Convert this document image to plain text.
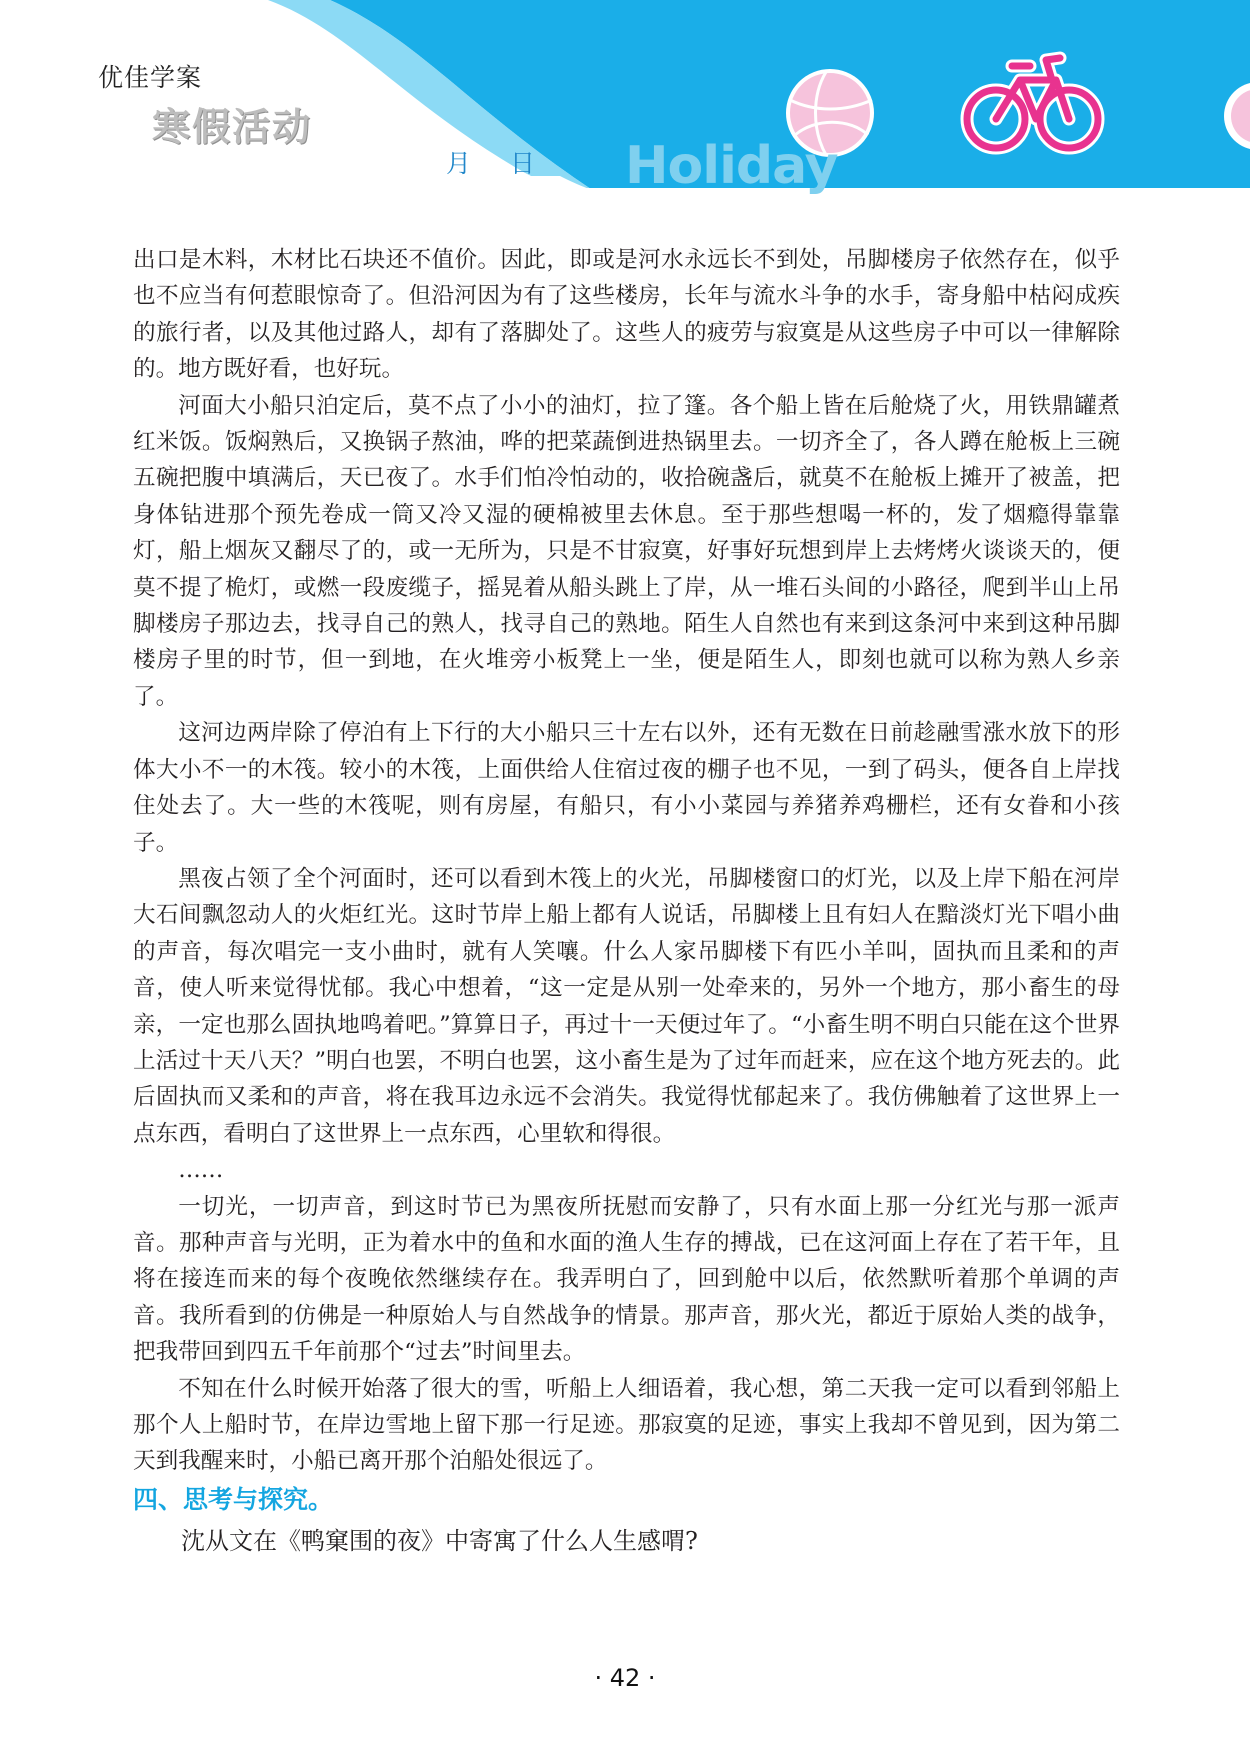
优佳学案
寒假活动
月 日 Holiday

出口是木料，木材比石块还不值价。因此，即或是河水永远长不到处，吊脚楼房子依然存在，似乎也不应当有何惹眼惊奇了。但沿河因为有了这些楼房，长年与流水斗争的水手，寄身船中枯闷成疾的旅行者，以及其他过路人，却有了落脚处了。这些人的疲劳与寂寞是从这些房子中可以一律解除的。地方既好看，也好玩。

河面大小船只泊定后，莫不点了小小的油灯，拉了篷。各个船上皆在后舱烧了火，用铁鼎罐煮红米饭。饭焖熟后，又换锅子熬油，哗的把菜蔬倒进热锅里去。一切齐全了，各人蹲在舱板上三碗五碗把腹中填满后，天已夜了。水手们怕冷怕动的，收拾碗盏后，就莫不在舱板上摊开了被盖，把身体钻进那个预先卷成一筒又冷又湿的硬棉被里去休息。至于那些想喝一杯的，发了烟瘾得靠靠灯，船上烟灰又翻尽了的，或一无所为，只是不甘寂寞，好事好玩想到岸上去烤烤火谈谈天的，便莫不提了桅灯，或燃一段废缆子，摇晃着从船头跳上了岸，从一堆石头间的小路径，爬到半山上吊脚楼房子那边去，找寻自己的熟人，找寻自己的熟地。陌生人自然也有来到这条河中来到这种吊脚楼房子里的时节，但一到地，在火堆旁小板凳上一坐，便是陌生人，即刻也就可以称为熟人乡亲了。

这河边两岸除了停泊有上下行的大小船只三十左右以外，还有无数在日前趁融雪涨水放下的形体大小不一的木筏。较小的木筏，上面供给人住宿过夜的棚子也不见，一到了码头，便各自上岸找住处去了。大一些的木筏呢，则有房屋，有船只，有小小菜园与养猪养鸡栅栏，还有女眷和小孩子。

黑夜占领了全个河面时，还可以看到木筏上的火光，吊脚楼窗口的灯光，以及上岸下船在河岸大石间飘忽动人的火炬红光。这时节岸上船上都有人说话，吊脚楼上且有妇人在黯淡灯光下唱小曲的声音，每次唱完一支小曲时，就有人笑嚷。什么人家吊脚楼下有匹小羊叫，固执而且柔和的声音，使人听来觉得忧郁。我心中想着，“这一定是从别一处牵来的，另外一个地方，那小畜生的母亲，一定也那么固执地鸣着吧。”算算日子，再过十一天便过年了。“小畜生明不明白只能在这个世界上活过十天八天？”明白也罢，不明白也罢，这小畜生是为了过年而赶来，应在这个地方死去的。此后固执而又柔和的声音，将在我耳边永远不会消失。我觉得忧郁起来了。我仿佛触着了这世界上一点东西，看明白了这世界上一点东西，心里软和得很。

……

一切光，一切声音，到这时节已为黑夜所抚慰而安静了，只有水面上那一分红光与那一派声音。那种声音与光明，正为着水中的鱼和水面的渔人生存的搏战，已在这河面上存在了若干年，且将在接连而来的每个夜晚依然继续存在。我弄明白了，回到舱中以后，依然默听着那个单调的声音。我所看到的仿佛是一种原始人与自然战争的情景。那声音，那火光，都近于原始人类的战争，把我带回到四五千年前那个“过去”时间里去。

不知在什么时候开始落了很大的雪，听船上人细语着，我心想，第二天我一定可以看到邻船上那个人上船时节，在岸边雪地上留下那一行足迹。那寂寞的足迹，事实上我却不曾见到，因为第二天到我醒来时，小船已离开那个泊船处很远了。

四、思考与探究。

沈从文在《鸭窠围的夜》中寄寓了什么人生感喟?

· 42 ·
